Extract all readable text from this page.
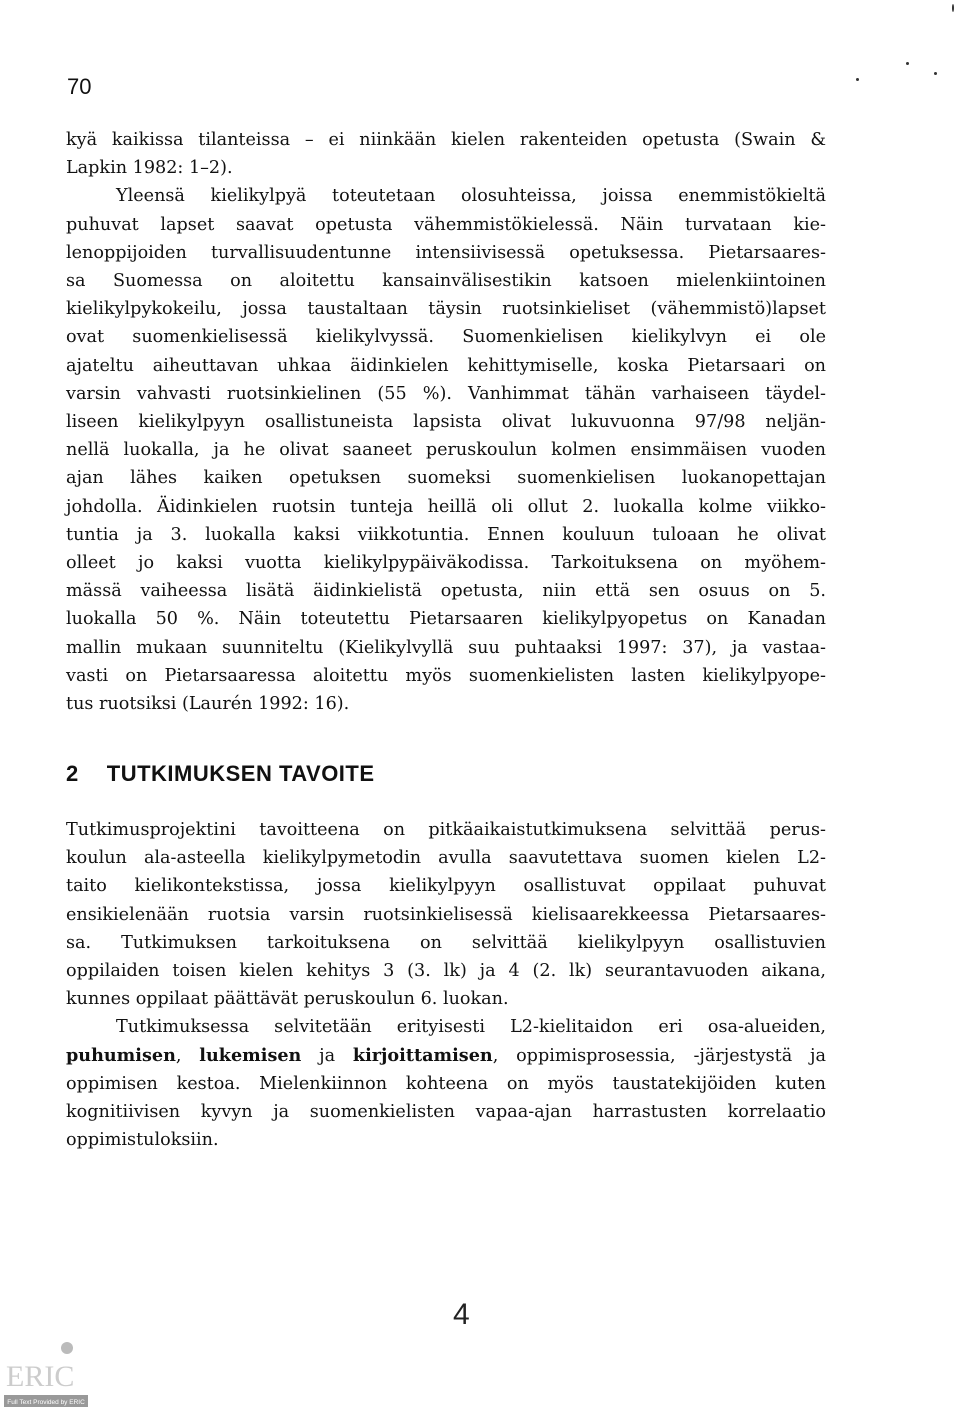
70

kyä kaikissa tilanteissa – ei niinkään kielen rakenteiden opetusta (Swain &

Lapkin 1982: 1–2).

Yleensä kielikylpyä toteutetaan olosuhteissa, joissa enemmistökieltä

puhuvat lapset saavat opetusta vähemmistökielessä. Näin turvataan kie-

lenoppijoiden turvallisuudentunne intensiivisessä opetuksessa. Pietarsaares-

sa Suomessa on aloitettu kansainvälisestikin katsoen mielenkiintoinen

kielikylpykokeilu, jossa taustaltaan täysin ruotsinkieliset (vähemmistö)lapset

ovat suomenkielisessä kielikylvyssä. Suomenkielisen kielikylvyn ei ole

ajateltu aiheuttavan uhkaa äidinkielen kehittymiselle, koska Pietarsaari on

varsin vahvasti ruotsinkielinen (55 %). Vanhimmat tähän varhaiseen täydel-

liseen kielikylpyyn osallistuneista lapsista olivat lukuvuonna 97/98 neljän-

nellä luokalla, ja he olivat saaneet peruskoulun kolmen ensimmäisen vuoden

ajan lähes kaiken opetuksen suomeksi suomenkielisen luokanopettajan

johdolla. Äidinkielen ruotsin tunteja heillä oli ollut 2. luokalla kolme viikko-

tuntia ja 3. luokalla kaksi viikkotuntia. Ennen kouluun tuloaan he olivat

olleet jo kaksi vuotta kielikylpypäiväkodissa. Tarkoituksena on myöhem-

mässä vaiheessa lisätä äidinkielistä opetusta, niin että sen osuus on 5.

luokalla 50 %. Näin toteutettu Pietarsaaren kielikylpyopetus on Kanadan

mallin mukaan suunniteltu (Kielikylvyllä suu puhtaaksi 1997: 37), ja vastaa-

vasti on Pietarsaaressa aloitettu myös suomenkielisten lasten kielikylpyope-

tus ruotsiksi (Laurén 1992: 16).

2 TUTKIMUKSEN TAVOITE

Tutkimusprojektini tavoitteena on pitkäaikaistutkimuksena selvittää perus-

koulun ala-asteella kielikylpymetodin avulla saavutettava suomen kielen L2-

taito kielikontekstissa, jossa kielikylpyyn osallistuvat oppilaat puhuvat

ensikielenään ruotsia varsin ruotsinkielisessä kielisaarekkeessa Pietarsaares-

sa. Tutkimuksen tarkoituksena on selvittää kielikylpyyn osallistuvien

oppilaiden toisen kielen kehitys 3 (3. lk) ja 4 (2. lk) seurantavuoden aikana,

kunnes oppilaat päättävät peruskoulun 6. luokan.

Tutkimuksessa selvitetään erityisesti L2-kielitaidon eri osa-alueiden,

puhumisen, lukemisen ja kirjoittamisen, oppimisprosessia, -järjestystä ja

oppimisen kestoa. Mielenkiinnon kohteena on myös taustatekijöiden kuten

kognitiivisen kyvyn ja suomenkielisten vapaa-ajan harrastusten korrelaatio

oppimistuloksiin.

4
ERIC
Full Text Provided by ERIC
